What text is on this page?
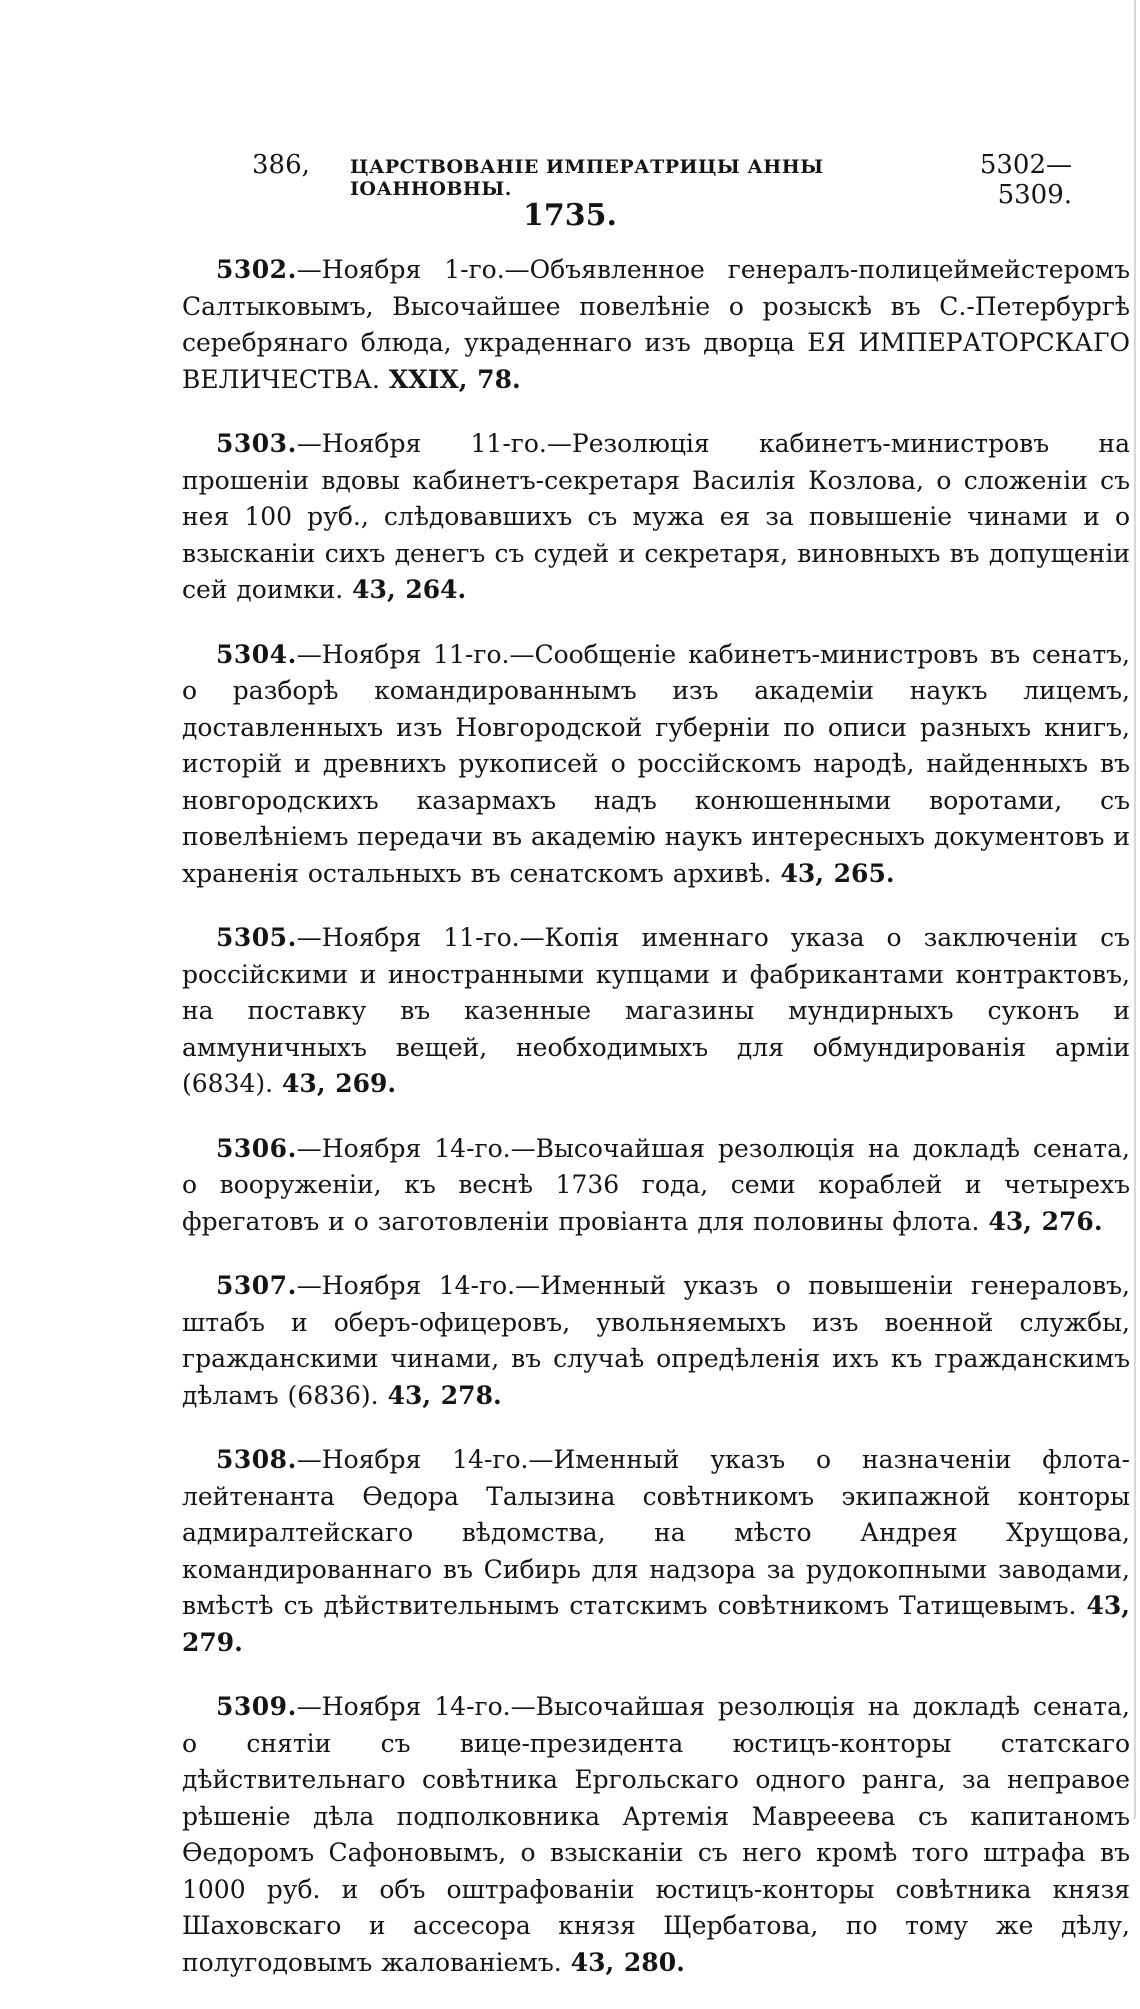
386,	ЦАРСТВОВАНІЕ ИМПЕРАТРИЦЫ АННЫ ІОАННОВНЫ.
5302—5309.
1735.

5302.—Ноября 1-го.—Объявленное генералъ-полицеймейстеромъ Салтыковымъ, Высочайшее повелѣніе о розыскѣ въ С.-Петербургѣ серебрянаго блюда, украденнаго изъ дворца ЕЯ ИМПЕРАТОРСКАГО ВЕЛИЧЕСТВА. XXIX, 78.

5303.—Ноября 11-го.—Резолюція кабинетъ-министровъ на прошеніи вдовы кабинетъ-секретаря Василія Козлова, о сложеніи съ нея 100 руб., слѣдовавшихъ съ мужа ея за повышеніе чинами и о взысканіи сихъ денегъ съ судей и секретаря, виновныхъ въ допущеніи сей доимки. 43, 264.

5304.—Ноября 11-го.—Сообщеніе кабинетъ-министровъ въ сенатъ, о разборѣ командированнымъ изъ академіи наукъ лицемъ, доставленныхъ изъ Новгородской губерніи по описи разныхъ книгъ, исторій и древнихъ рукописей о россійскомъ народѣ, найденныхъ въ новгородскихъ казармахъ надъ конюшенными воротами, съ повелѣніемъ передачи въ академію наукъ интересныхъ документовъ и храненія остальныхъ въ сенатскомъ архивѣ. 43, 265.

5305.—Ноября 11-го.—Копія именнаго указа о заключеніи съ россійскими и иностранными купцами и фабрикантами контрактовъ, на поставку въ казенные магазины мундирныхъ суконъ и аммуничныхъ вещей, необходимыхъ для обмундированія арміи (6834). 43, 269.

5306.—Ноября 14-го.—Высочайшая резолюція на докладѣ сената, о вооруженіи, къ веснѣ 1736 года, семи кораблей и четырехъ фрегатовъ и о заготовленіи провіанта для половины флота. 43, 276.

5307.—Ноября 14-го.—Именный указъ о повышеніи генераловъ, штабъ и оберъ-офицеровъ, увольняемыхъ изъ военной службы, гражданскими чинами, въ случаѣ опредѣленія ихъ къ гражданскимъ дѣламъ (6836). 43, 278.

5308.—Ноября 14-го.—Именный указъ о назначеніи флота-лейтенанта Ѳедора Талызина совѣтникомъ экипажной конторы адмиралтейскаго вѣдомства, на мѣсто Андрея Хрущова, командированнаго въ Сибирь для надзора за рудокопными заводами, вмѣстѣ съ дѣйствительнымъ статскимъ совѣтникомъ Татищевымъ. 43, 279.

5309.—Ноября 14-го.—Высочайшая резолюція на докладѣ сената, о снятіи съ вице-президента юстицъ-конторы статскаго дѣйствительнаго совѣтника Ергольскаго одного ранга, за неправое рѣшеніе дѣла подполковника Артемія Маврееева съ капитаномъ Ѳедоромъ Сафоновымъ, о взысканіи съ него кромѣ того штрафа въ 1000 руб. и объ оштрафованіи юстицъ-конторы совѣтника князя Шаховскаго и ассесора князя Щербатова, по тому же дѣлу, полугодовымъ жалованіемъ. 43, 280.
